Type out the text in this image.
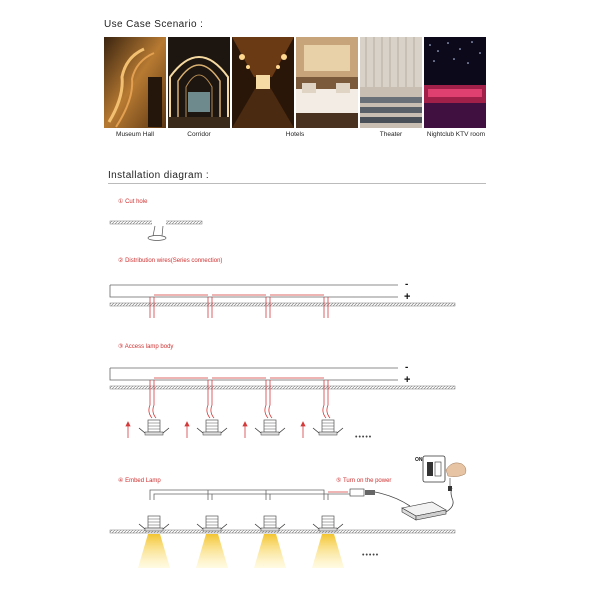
Use Case Scenario :
Museum Hall	Corridor	Hotels	Theater	Nightclub KTV room
Installation diagram :
① Cut hole
② Distribution wires(Series connection)
-
+
③ Access lamp body
-
+
•••••
④ Embed Lamp	⑤ Turn on the power
ON
•••••
